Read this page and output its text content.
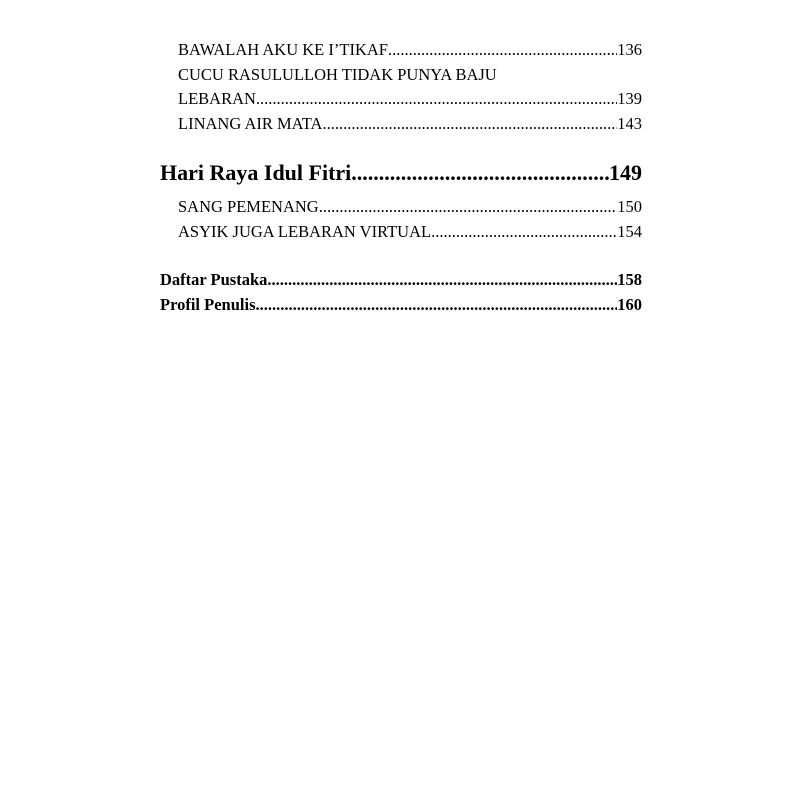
BAWALAH AKU KE I’TIKAF .....	136
CUCU RASULULLOH TIDAK PUNYA BAJU
LEBARAN .....	139
LINANG AIR MATA .....	143
Hari Raya Idul Fitri .....	149
SANG PEMENANG .....	150
ASYIK JUGA LEBARAN VIRTUAL .....	154
Daftar Pustaka .....	158
Profil Penulis .....	160
